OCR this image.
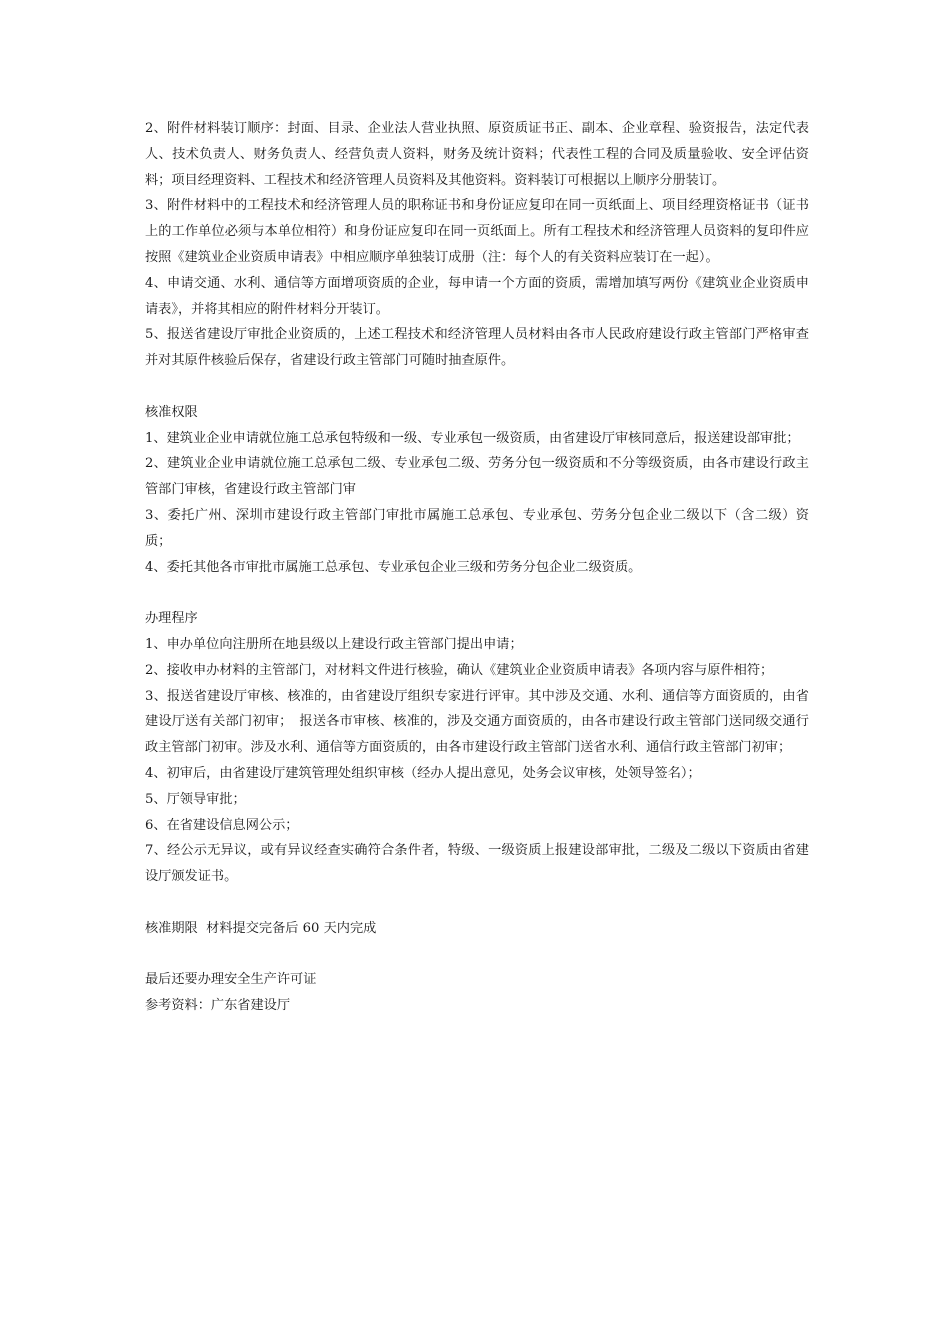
2、附件材料装订顺序：封面、目录、企业法人营业执照、原资质证书正、副本、企业章程、验资报告，法定代表人、技术负责人、财务负责人、经营负责人资料，财务及统计资料；代表性工程的合同及质量验收、安全评估资料；项目经理资料、工程技术和经济管理人员资料及其他资料。资料装订可根据以上顺序分册装订。

3、附件材料中的工程技术和经济管理人员的职称证书和身份证应复印在同一页纸面上、项目经理资格证书（证书上的工作单位必须与本单位相符）和身份证应复印在同一页纸面上。所有工程技术和经济管理人员资料的复印件应按照《建筑业企业资质申请表》中相应顺序单独装订成册（注：每个人的有关资料应装订在一起）。

4、申请交通、水利、通信等方面增项资质的企业，每申请一个方面的资质，需增加填写两份《建筑业企业资质申请表》，并将其相应的附件材料分开装订。

5、报送省建设厅审批企业资质的，上述工程技术和经济管理人员材料由各市人民政府建设行政主管部门严格审查并对其原件核验后保存，省建设行政主管部门可随时抽查原件。

核准权限

1、建筑业企业申请就位施工总承包特级和一级、专业承包一级资质，由省建设厅审核同意后，报送建设部审批；

2、建筑业企业申请就位施工总承包二级、专业承包二级、劳务分包一级资质和不分等级资质，由各市建设行政主管部门审核，省建设行政主管部门审

3、委托广州、深圳市建设行政主管部门审批市属施工总承包、专业承包、劳务分包企业二级以下（含二级）资质；

4、委托其他各市审批市属施工总承包、专业承包企业三级和劳务分包企业二级资质。

办理程序

1、申办单位向注册所在地县级以上建设行政主管部门提出申请；

2、接收申办材料的主管部门，对材料文件进行核验，确认《建筑业企业资质申请表》各项内容与原件相符；

3、报送省建设厅审核、核准的，由省建设厅组织专家进行评审。其中涉及交通、水利、通信等方面资质的，由省建设厅送有关部门初审；　报送各市审核、核准的，涉及交通方面资质的，由各市建设行政主管部门送同级交通行政主管部门初审。涉及水利、通信等方面资质的，由各市建设行政主管部门送省水利、通信行政主管部门初审；

4、初审后，由省建设厅建筑管理处组织审核（经办人提出意见，处务会议审核，处领导签名）；

5、厅领导审批；

6、在省建设信息网公示；

7、经公示无异议，或有异议经查实确符合条件者，特级、一级资质上报建设部审批，二级及二级以下资质由省建设厅颁发证书。

核准期限  材料提交完备后 60 天内完成

最后还要办理安全生产许可证

参考资料：广东省建设厅
